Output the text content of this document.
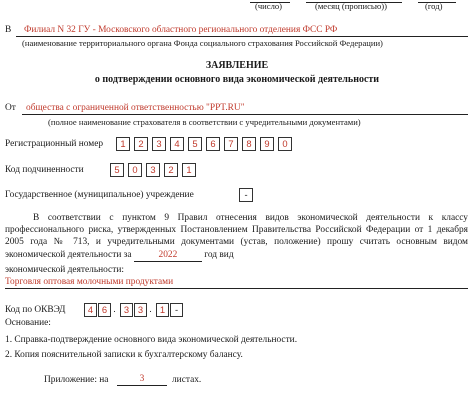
(число)	(месяц (прописью))	(год)
В Филиал N 32 ГУ - Московского областного регионального отделения ФСС РФ
(наименование территориального органа Фонда социального страхования Российской Федерации)
ЗАЯВЛЕНИЕ
о подтверждении основного вида экономической деятельности
От общества с ограниченной ответственностью "PPT.RU"
(полное наименование страхователя в соответствии с учредительными документами)
Регистрационный номер	1	2	3	4	5	6	7	8	9	0
Код подчиненности	5	0	3	2	1
Государственное (муниципальное) учреждение	-
В соответствии с пунктом 9 Правил отнесения видов экономической деятельности к классу профессионального риска, утвержденных Постановлением Правительства Российской Федерации от 1 декабря 2005 года № 713, и учредительными документами (устав, положение) прошу считать основным видом экономической деятельности за	2022	год вид
экономической деятельности:
Торговля оптовая молочными продуктами
Код по ОКВЭД	4 6 . 3 3 . 1	-
Основание:
1. Справка-подтверждение основного вида экономической деятельности.
2. Копия пояснительной записки к бухгалтерскому балансу.
Приложение: на	3	листах.
